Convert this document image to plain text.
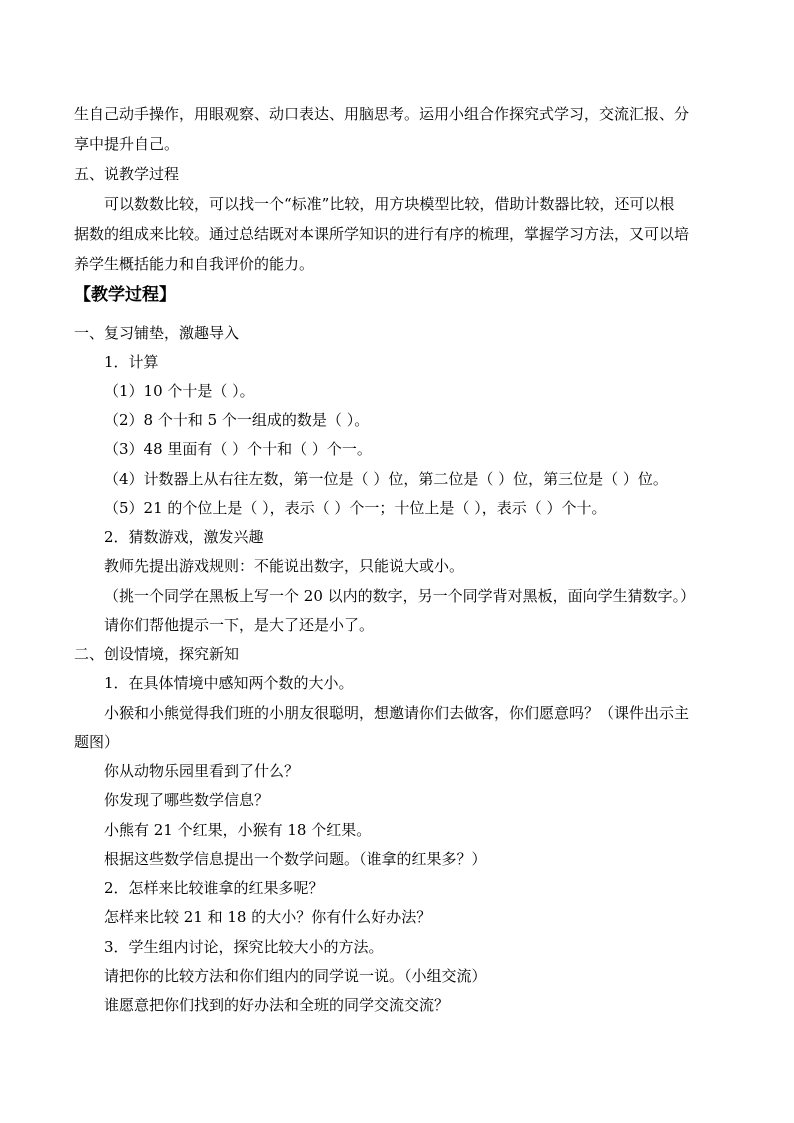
生自己动手操作，用眼观察、动口表达、用脑思考。运用小组合作探究式学习，交流汇报、分
享中提升自己。
五、说教学过程
可以数数比较，可以找一个“标准”比较，用方块模型比较，借助计数器比较，还可以根
据数的组成来比较。通过总结既对本课所学知识的进行有序的梳理，掌握学习方法，又可以培
养学生概括能力和自我评价的能力。
【教学过程】
一、复习铺垫，激趣导入
1．计算
（1）10 个十是（ ）。
（2）8 个十和 5 个一组成的数是（ ）。
（3）48 里面有（ ）个十和（ ）个一。
（4）计数器上从右往左数，第一位是（ ）位，第二位是（ ）位，第三位是（ ）位。
（5）21 的个位上是（ ），表示（ ）个一；十位上是（ ），表示（ ）个十。
2．猜数游戏，激发兴趣
教师先提出游戏规则：不能说出数字，只能说大或小。
（挑一个同学在黑板上写一个 20 以内的数字，另一个同学背对黑板，面向学生猜数字。）
请你们帮他提示一下，是大了还是小了。
二、创设情境，探究新知
1．在具体情境中感知两个数的大小。
小猴和小熊觉得我们班的小朋友很聪明，想邀请你们去做客，你们愿意吗？（课件出示主
题图）
你从动物乐园里看到了什么？
你发现了哪些数学信息？
小熊有 21 个红果，小猴有 18 个红果。
根据这些数学信息提出一个数学问题。（谁拿的红果多？）
2．怎样来比较谁拿的红果多呢？
怎样来比较 21 和 18 的大小？你有什么好办法？
3．学生组内讨论，探究比较大小的方法。
请把你的比较方法和你们组内的同学说一说。（小组交流）
谁愿意把你们找到的好办法和全班的同学交流交流？
